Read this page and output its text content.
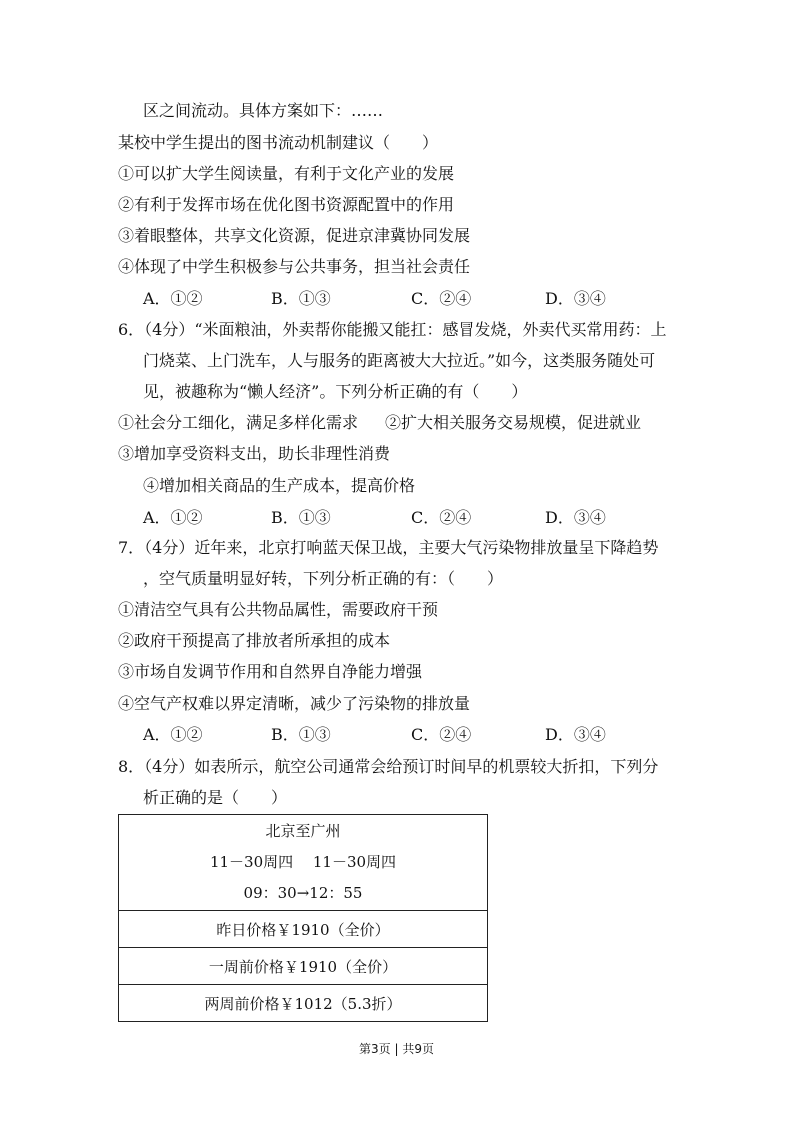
区之间流动。具体方案如下：……
某校中学生提出的图书流动机制建议（　　）
①可以扩大学生阅读量，有利于文化产业的发展
②有利于发挥市场在优化图书资源配置中的作用
③着眼整体，共享文化资源，促进京津冀协同发展
④体现了中学生积极参与公共事务，担当社会责任
A．①②	B．①③	C．②④	D．③④
6．（4分）“米面粮油，外卖帮你能搬又能扛：感冒发烧，外卖代买常用药：上
门烧菜、上门洗车，人与服务的距离被大大拉近。”如今，这类服务随处可
见，被趣称为“懒人经济”。下列分析正确的有（　　）
①社会分工细化，满足多样化需求 ②扩大相关服务交易规模，促进就业
③增加享受资料支出，助长非理性消费
④增加相关商品的生产成本，提高价格
A．①②	B．①③	C．②④	D．③④
7．（4分）近年来，北京打响蓝天保卫战，主要大气污染物排放量呈下降趋势
，空气质量明显好转，下列分析正确的有：（　　）
①清洁空气具有公共物品属性，需要政府干预
②政府干预提高了排放者所承担的成本
③市场自发调节作用和自然界自净能力增强
④空气产权难以界定清晰，减少了污染物的排放量
A．①②	B．①③	C．②④	D．③④
8．（4分）如表所示，航空公司通常会给预订时间早的机票较大折扣，下列分
析正确的是（　　）
北京至广州
11－30周四　 11－30周四
09：30→12：55

昨日价格￥1910（全价）
一周前价格￥1910（全价）
两周前价格￥1012（5.3折）
第3页 | 共9页
